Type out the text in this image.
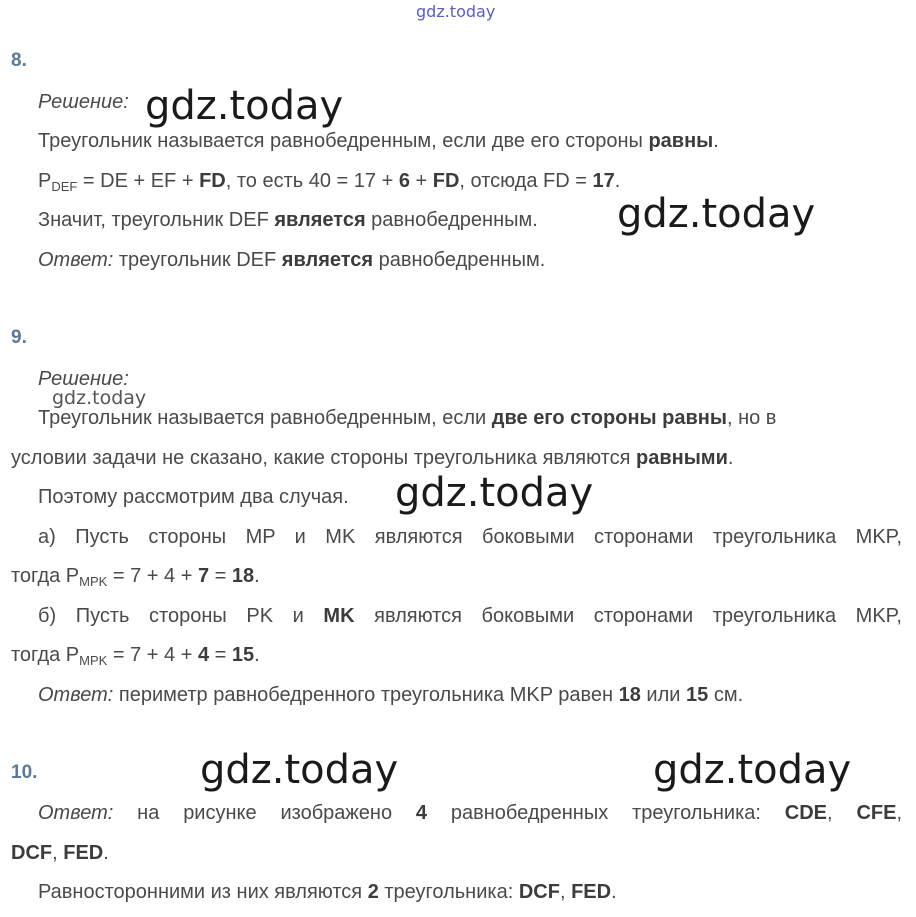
gdz.today
8.
Решение: gdz.today
Треугольник называется равнобедренным, если две его стороны равны.
$P_{DEF}$ = DE + EF + FD, то есть 40 = 17 + 6 + FD, отсюда FD = 17.
Значит, треугольник DEF является равнобедренным. gdz.today
Ответ: треугольник DEF является равнобедренным.
9.
Решение:
gdz.today
Треугольник называется равнобедренным, если две его стороны равны, но в
условии задачи не сказано, какие стороны треугольника являются равными.
Поэтому рассмотрим два случая. gdz.today
а) Пусть стороны MP и MK являются боковыми сторонами треугольника MKP,
тогда $P_{MPK} = 7 + 4 + 7 = 18$.
б) Пусть стороны PK и MK являются боковыми сторонами треугольника MKP,
тогда $P_{MPK} = 7 + 4 + 4 = 15$.
Ответ: периметр равнобедренного треугольника MKP равен 18 или 15 см.
10.	gdz.today	gdz.today
Ответ: на рисунке изображено 4 равнобедренных треугольника: CDE, CFE,
DCF, FED.
Равносторонними из них являются 2 треугольника: DCF, FED.
